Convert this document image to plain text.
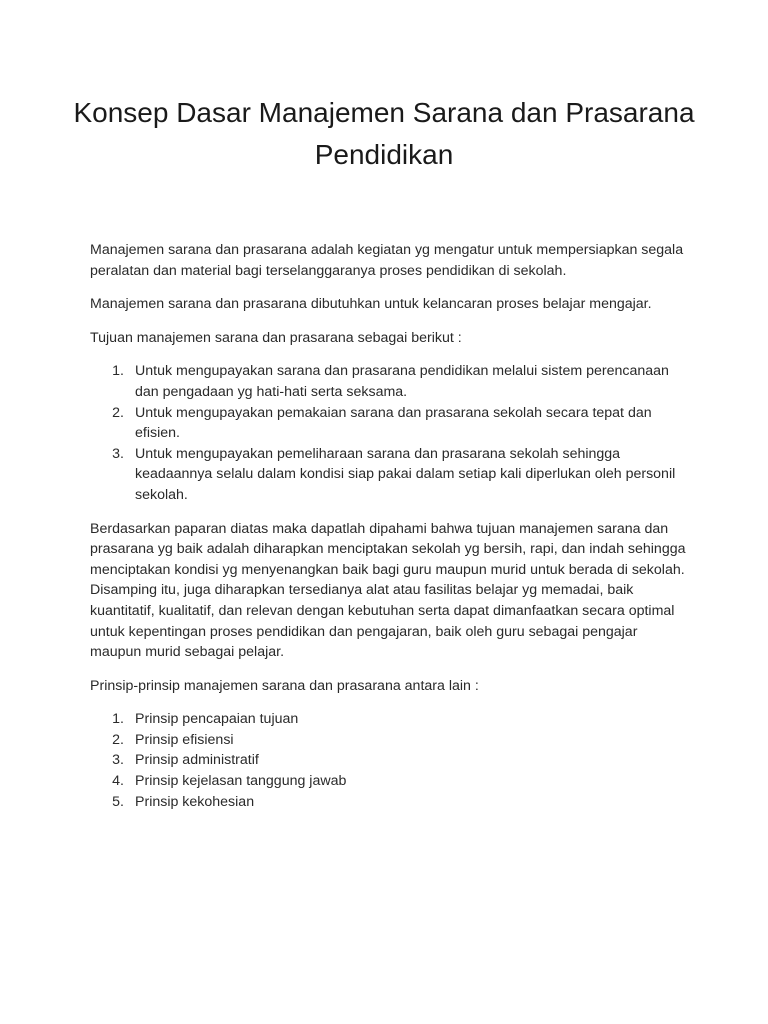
Konsep Dasar Manajemen Sarana dan Prasarana Pendidikan

Manajemen sarana dan prasarana adalah kegiatan yg mengatur untuk mempersiapkan segala peralatan dan material bagi terselanggaranya proses pendidikan di sekolah.

Manajemen sarana dan prasarana dibutuhkan untuk kelancaran proses belajar mengajar.

Tujuan manajemen sarana dan prasarana sebagai berikut :

1. Untuk mengupayakan sarana dan prasarana pendidikan melalui sistem perencanaan dan pengadaan yg hati-hati serta seksama.
2. Untuk mengupayakan pemakaian sarana dan prasarana sekolah secara tepat dan efisien.
3. Untuk mengupayakan pemeliharaan sarana dan prasarana sekolah sehingga keadaannya selalu dalam kondisi siap pakai dalam setiap kali diperlukan oleh personil sekolah.

Berdasarkan paparan diatas maka dapatlah dipahami bahwa tujuan manajemen sarana dan prasarana yg baik adalah diharapkan menciptakan sekolah yg bersih, rapi, dan indah sehingga menciptakan kondisi yg menyenangkan baik bagi guru maupun murid untuk berada di sekolah. Disamping itu, juga diharapkan tersedianya alat atau fasilitas belajar yg memadai, baik kuantitatif, kualitatif, dan relevan dengan kebutuhan serta dapat dimanfaatkan secara optimal untuk kepentingan proses pendidikan dan pengajaran, baik oleh guru sebagai pengajar maupun murid sebagai pelajar.

Prinsip-prinsip manajemen sarana dan prasarana antara lain :

1. Prinsip pencapaian tujuan
2. Prinsip efisiensi
3. Prinsip administratif
4. Prinsip kejelasan tanggung jawab
5. Prinsip kekohesian
